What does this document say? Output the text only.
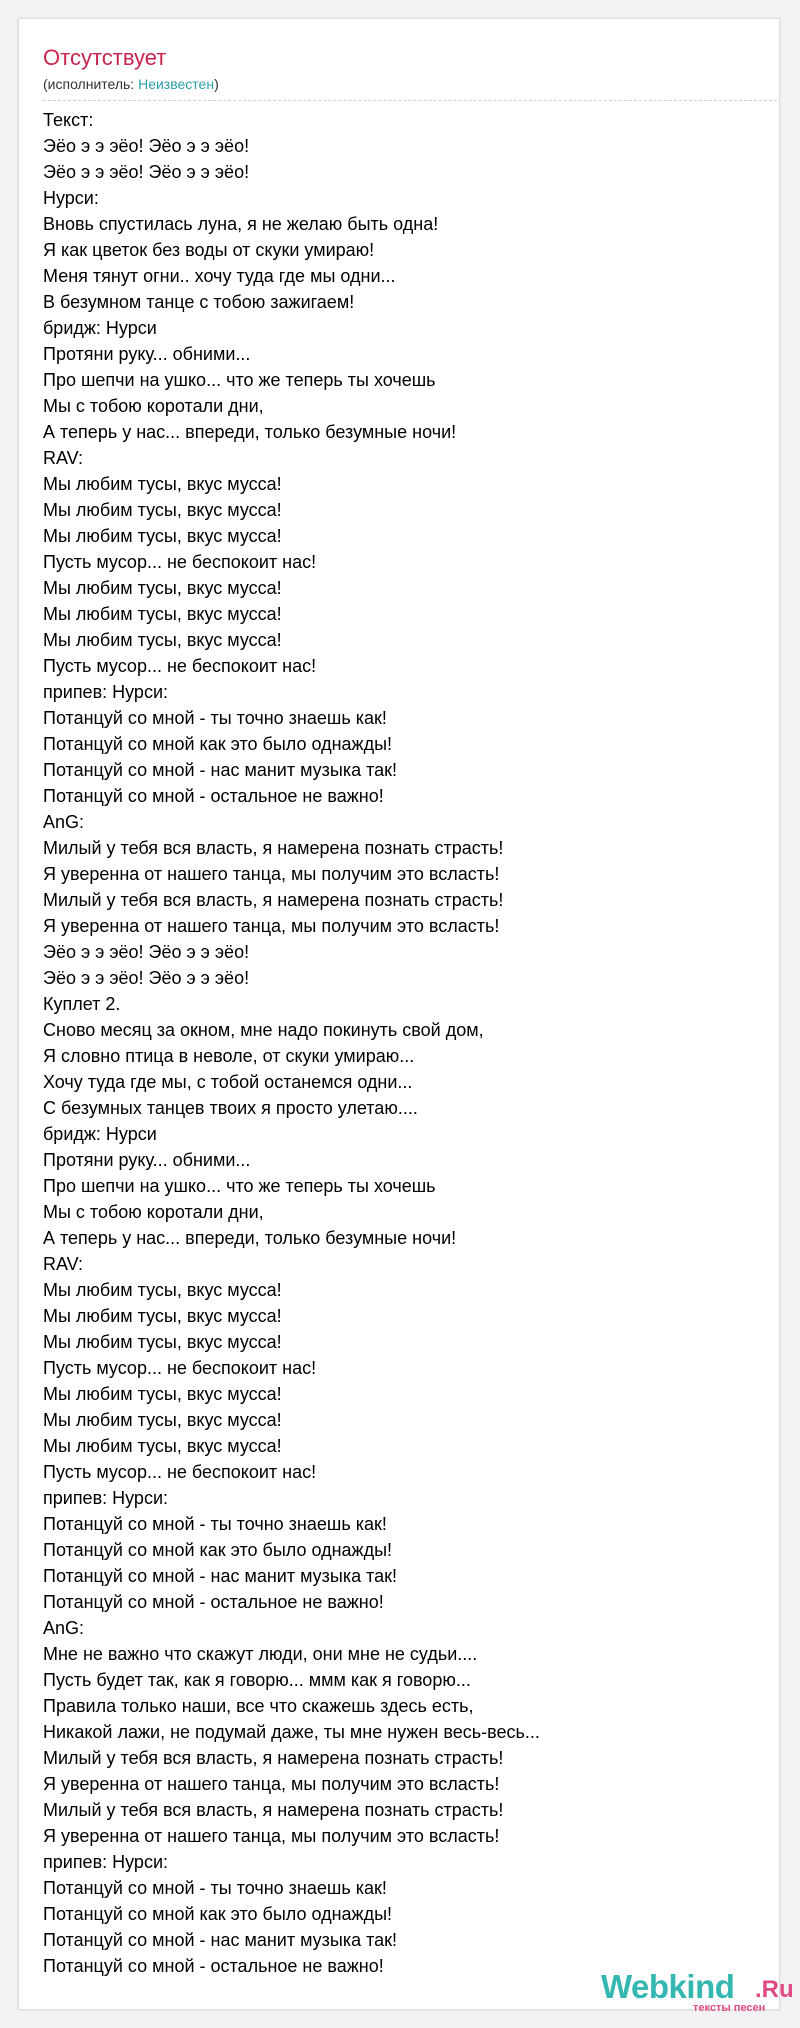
Отсутствует
(исполнитель: Неизвестен)
Текст:
Эёо э э эёо! Эёо э э эёо!
Эёо э э эёо! Эёо э э эёо!
Нурси:
Вновь спустилась луна, я не желаю быть одна!
Я как цветок без воды от скуки умираю!
Меня тянут огни.. хочу туда где мы одни...
В безумном танце с тобою зажигаем!
бридж: Нурси
Протяни руку... обними...
Про шепчи на ушко... что же теперь ты хочешь
Мы с тобою коротали дни,
А теперь у нас... впереди, только безумные ночи!
RAV:
Мы любим тусы, вкус мусса!
Мы любим тусы, вкус мусса!
Мы любим тусы, вкус мусса!
Пусть мусор... не беспокоит нас!
Мы любим тусы, вкус мусса!
Мы любим тусы, вкус мусса!
Мы любим тусы, вкус мусса!
Пусть мусор... не беспокоит нас!
припев: Нурси:
Потанцуй со мной - ты точно знаешь как!
Потанцуй со мной как это было однажды!
Потанцуй со мной - нас манит музыка так!
Потанцуй со мной - остальное не важно!
AnG:
Милый у тебя вся власть, я намерена познать страсть!
Я уверенна от нашего танца, мы получим это всласть!
Милый у тебя вся власть, я намерена познать страсть!
Я уверенна от нашего танца, мы получим это всласть!
Эёо э э эёо! Эёо э э эёо!
Эёо э э эёо! Эёо э э эёо!
Куплет 2.
Сново месяц за окном, мне надо покинуть свой дом,
Я словно птица в неволе, от скуки умираю...
Хочу туда где мы, с тобой останемся одни...
С безумных танцев твоих я просто улетаю....
бридж: Нурси
Протяни руку... обними...
Про шепчи на ушко... что же теперь ты хочешь
Мы с тобою коротали дни,
А теперь у нас... впереди, только безумные ночи!
RAV:
Мы любим тусы, вкус мусса!
Мы любим тусы, вкус мусса!
Мы любим тусы, вкус мусса!
Пусть мусор... не беспокоит нас!
Мы любим тусы, вкус мусса!
Мы любим тусы, вкус мусса!
Мы любим тусы, вкус мусса!
Пусть мусор... не беспокоит нас!
припев: Нурси:
Потанцуй со мной - ты точно знаешь как!
Потанцуй со мной как это было однажды!
Потанцуй со мной - нас манит музыка так!
Потанцуй со мной - остальное не важно!
AnG:
Мне не важно что скажут люди, они мне не судьи....
Пусть будет так, как я говорю... ммм как я говорю...
Правила только наши, все что скажешь здесь есть,
Никакой лажи, не подумай даже, ты мне нужен весь-весь...
Милый у тебя вся власть, я намерена познать страсть!
Я уверенна от нашего танца, мы получим это всласть!
Милый у тебя вся власть, я намерена познать страсть!
Я уверенна от нашего танца, мы получим это всласть!
припев: Нурси:
Потанцуй со мной - ты точно знаешь как!
Потанцуй со мной как это было однажды!
Потанцуй со мной - нас манит музыка так!
Потанцуй со мной - остальное не важно!
Webkind .Ru
тексты песен
